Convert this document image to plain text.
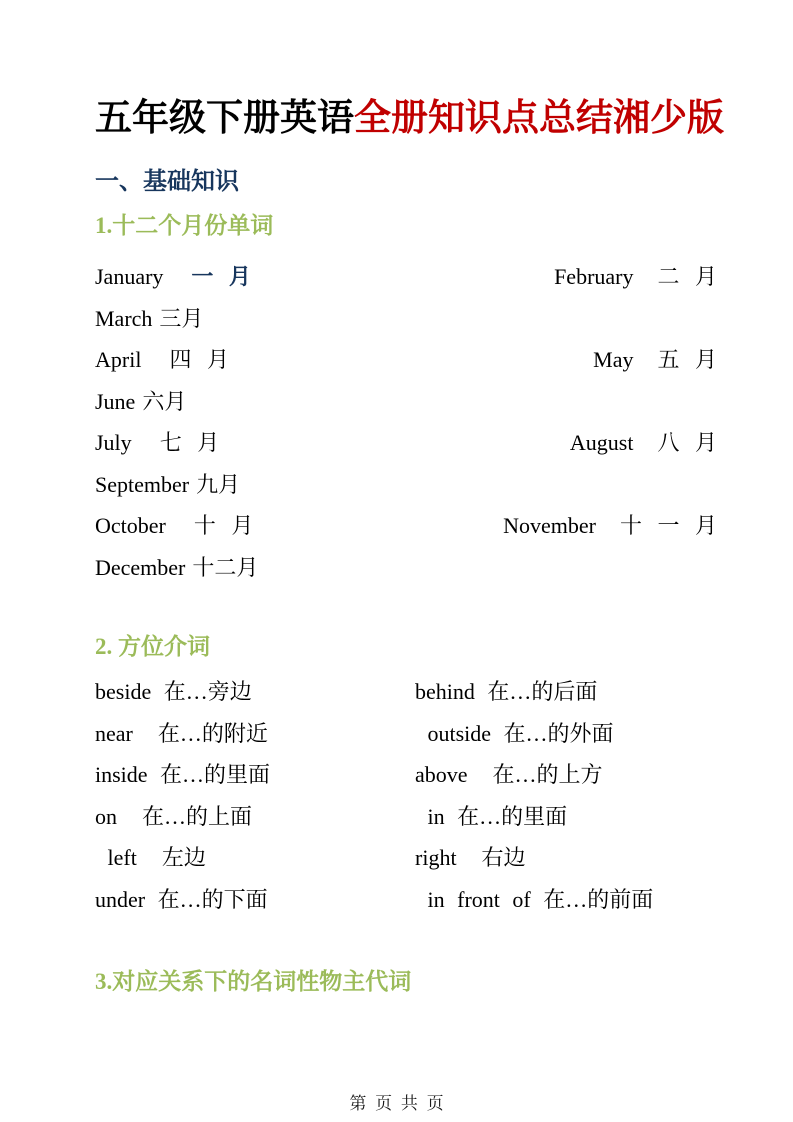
五年级下册英语全册知识点总结湘少版
一、基础知识
1.十二个月份单词
January 一 月	February 二 月
March 三月
April 四 月	May 五 月
June 六月
July 七 月	August 八 月
September 九月
October 十 月	November 十 一 月
December 十二月
2. 方位介词
beside 在…旁边	behind 在…的后面
near  在…的附近	outside 在…的外面
inside 在…的里面	above  在…的上方
on  在…的上面	in 在…的里面
left  左边	right  右边
under 在…的下面	in front of 在…的前面
3.对应关系下的名词性物主代词
第 页 共 页
